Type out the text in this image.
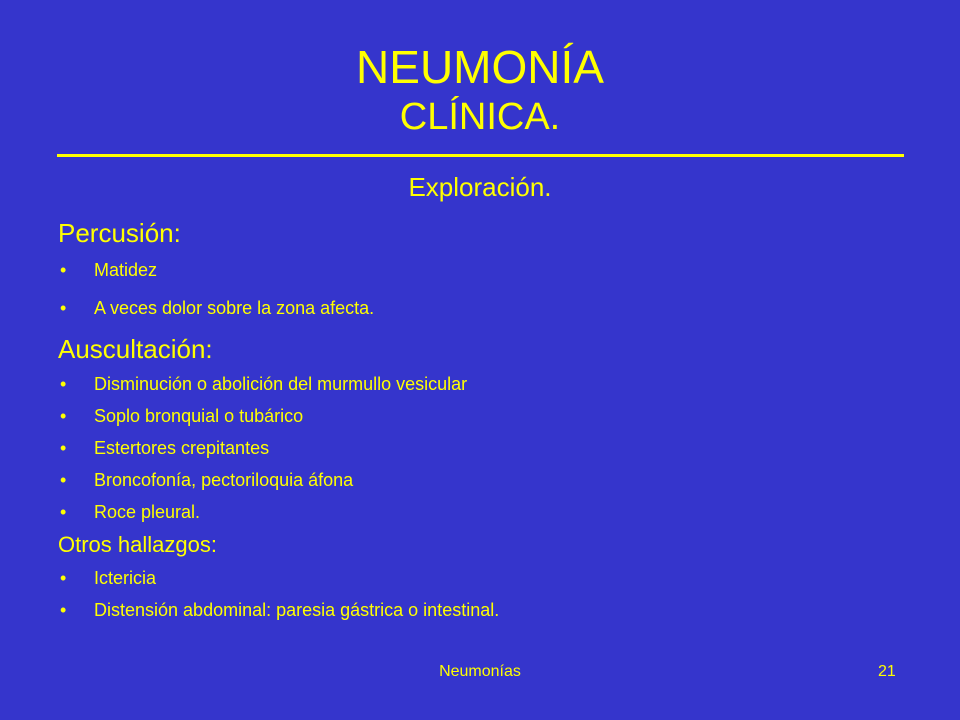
NEUMONÍA
CLÍNICA.
Exploración.
Percusión:
• Matidez
• A veces dolor sobre la zona afecta.
Auscultación:
• Disminución o abolición del murmullo vesicular
• Soplo bronquial o tubárico
• Estertores crepitantes
• Broncofonía, pectoriloquia áfona
• Roce pleural.
Otros hallazgos:
• Ictericia
• Distensión abdominal: paresia gástrica o intestinal.
Neumonías	21
